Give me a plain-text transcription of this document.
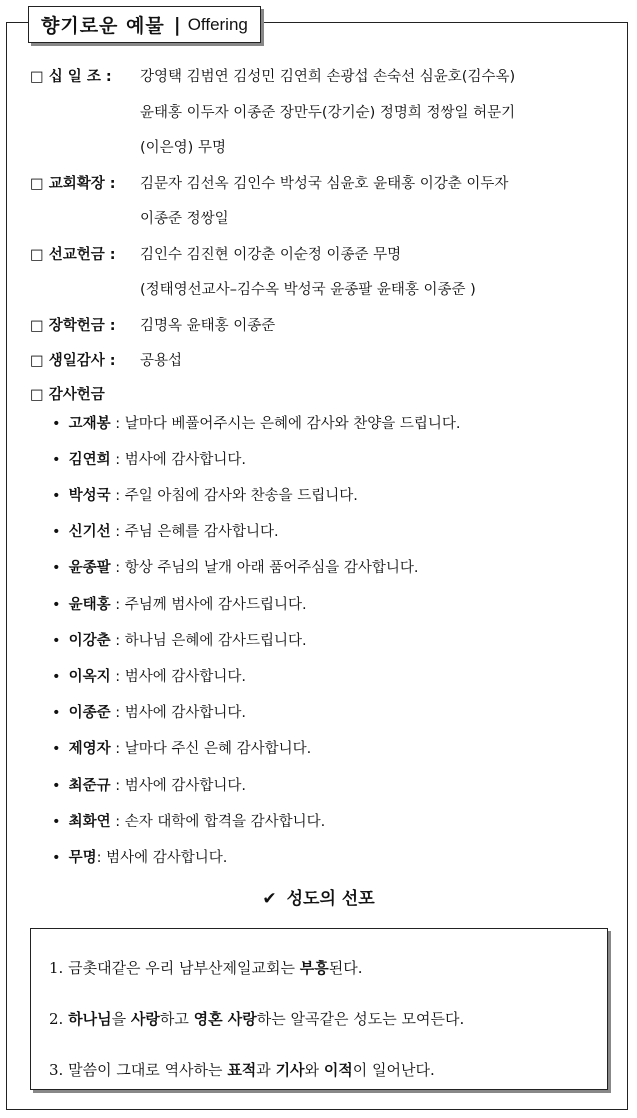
향기로운 예물 | Offering
□ 십 일 조 :	강영택 김범연 김성민 김연희 손광섭 손숙선 심윤호(김수옥)
윤태홍 이두자 이종준 장만두(강기순) 정명희 정쌍일 허문기
(이은영) 무명
□ 교회확장 :	김문자 김선옥 김인수 박성국 심윤호 윤태홍 이강춘 이두자
이종준 정쌍일
□ 선교헌금 :	김인수 김진현 이강춘 이순정 이종준 무명
(정태영선교사–김수옥 박성국 윤종팔 윤태홍 이종준 )
□ 장학헌금 :	김명옥 윤태홍 이종준
□ 생일감사 :	공용섭
□ 감사헌금
• 고재봉 : 날마다 베풀어주시는 은혜에 감사와 찬양을 드립니다.
• 김연희 : 범사에 감사합니다.
• 박성국 : 주일 아침에 감사와 찬송을 드립니다.
• 신기선 : 주님 은혜를 감사합니다.
• 윤종팔 : 항상 주님의 날개 아래 품어주심을 감사합니다.
• 윤태홍 : 주님께 범사에 감사드립니다.
• 이강춘 : 하나님 은혜에 감사드립니다.
• 이옥지 : 범사에 감사합니다.
• 이종준 : 범사에 감사합니다.
• 제영자 : 날마다 주신 은혜 감사합니다.
• 최준규 : 범사에 감사합니다.
• 최화연 : 손자 대학에 합격을 감사합니다.
• 무명: 범사에 감사합니다.
✔ 성도의 선포
1. 금촛대같은 우리 남부산제일교회는 부흥된다.
2. 하나님을 사랑하고 영혼 사랑하는 알곡같은 성도는 모여든다.
3. 말씀이 그대로 역사하는 표적과 기사와 이적이 일어난다.
